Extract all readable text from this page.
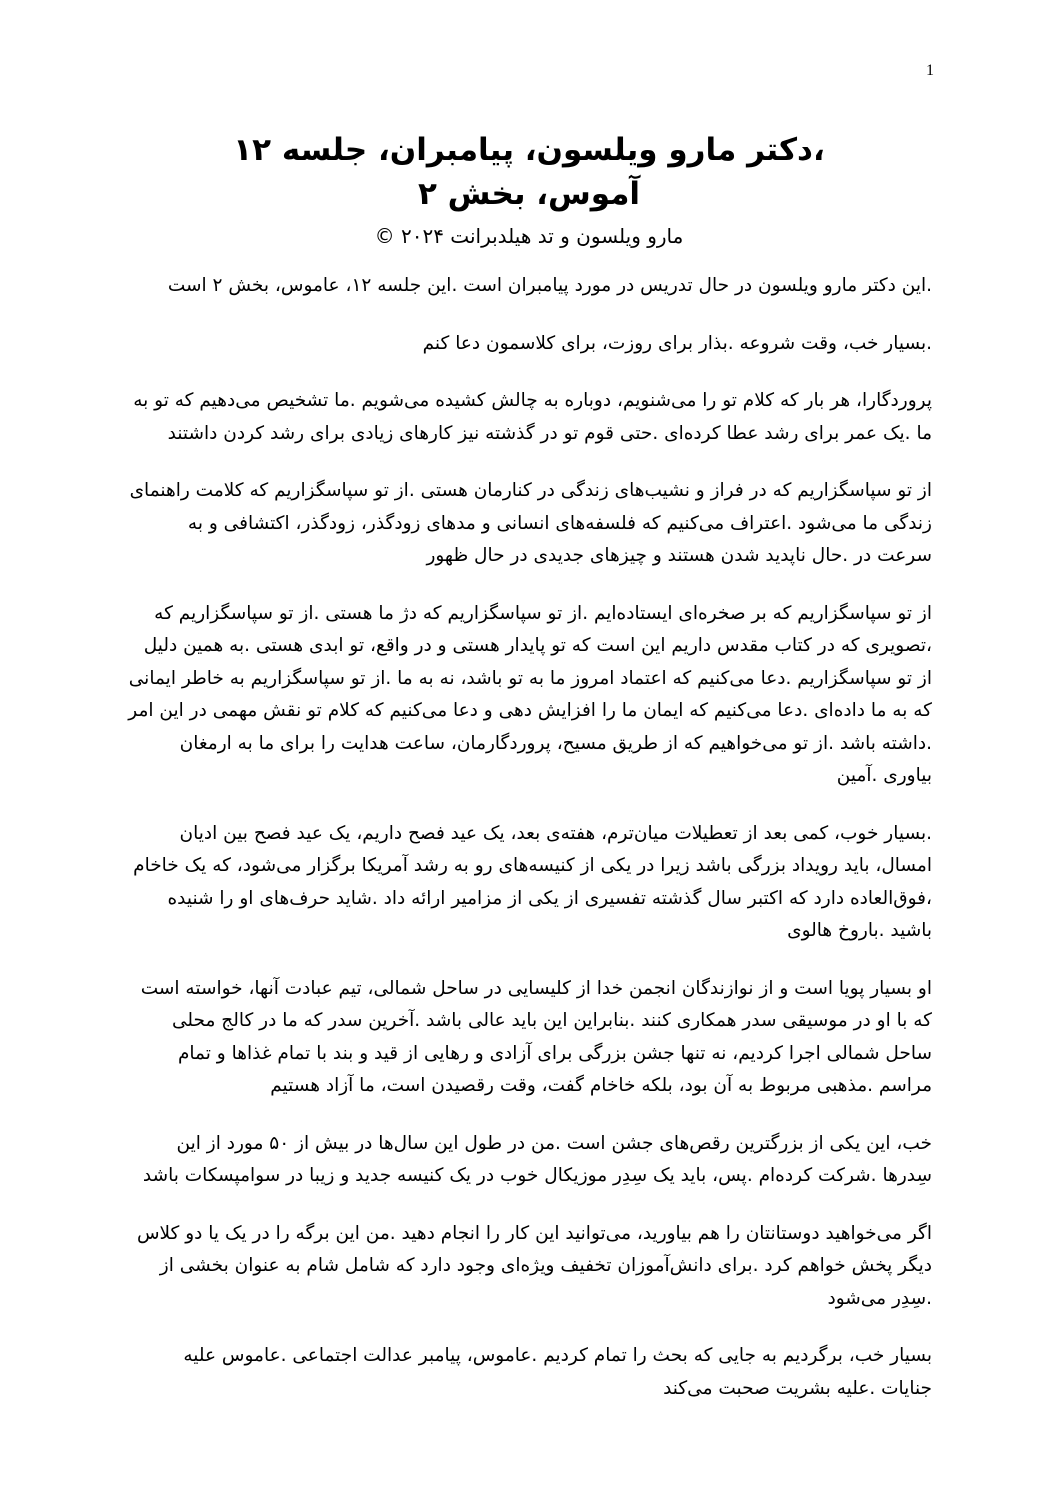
1
،دکتر مارو ویلسون، پیامبران، جلسه ۱۲
آموس، بخش ۲
مارو ویلسون و تد هیلدبرانت ۲۰۲۴ ©

.این دکتر مارو ویلسون در حال تدریس در مورد پیامبران است .این جلسه ۱۲، عاموس، بخش ۲ است

.بسیار خب، وقت شروعه .بذار برای روزت، برای کلاسمون دعا کنم

پروردگارا، هر بار که کلام تو را می‌شنویم، دوباره به چالش کشیده می‌شویم .ما تشخیص می‌دهیم که تو به ما .یک عمر برای رشد عطا کرده‌ای .حتی قوم تو در گذشته نیز کارهای زیادی برای رشد کردن داشتند

از تو سپاسگزاریم که در فراز و نشیب‌های زندگی در کنارمان هستی .از تو سپاسگزاریم که کلامت راهنمای زندگی ما می‌شود .اعتراف می‌کنیم که فلسفه‌های انسانی و مدهای زودگذر، زودگذر، اکتشافی و به سرعت در .حال ناپدید شدن هستند و چیزهای جدیدی در حال ظهور

از تو سپاسگزاریم که بر صخره‌ای ایستاده‌ایم .از تو سپاسگزاریم که دژ ما هستی .از تو سپاسگزاریم که ،تصویری که در کتاب مقدس داریم این است که تو پایدار هستی و در واقع، تو ابدی هستی .به همین دلیل از تو سپاسگزاریم .دعا می‌کنیم که اعتماد امروز ما به تو باشد، نه به ما .از تو سپاسگزاریم به خاطر ایمانی که به ما داده‌ای .دعا می‌کنیم که ایمان ما را افزایش دهی و دعا می‌کنیم که کلام تو نقش مهمی در این امر .داشته باشد .از تو می‌خواهیم که از طریق مسیح، پروردگارمان، ساعت هدایت را برای ما به ارمغان بیاوری .آمین

.بسیار خوب، کمی بعد از تعطیلات میان‌ترم، هفته‌ی بعد، یک عید فصح داریم، یک عید فصح بین ادیان امسال، باید رویداد بزرگی باشد زیرا در یکی از کنیسه‌های رو به رشد آمریکا برگزار می‌شود، که یک خاخام ،فوق‌العاده دارد که اکتبر سال گذشته تفسیری از یکی از مزامیر ارائه داد .شاید حرف‌های او را شنیده باشید .باروخ هالوی

او بسیار پویا است و از نوازندگان انجمن خدا از کلیسایی در ساحل شمالی، تیم عبادت آنها، خواسته است که با او در موسیقی سدر همکاری کنند .بنابراین این باید عالی باشد .آخرین سدر که ما در کالج محلی ساحل شمالی اجرا کردیم، نه تنها جشن بزرگی برای آزادی و رهایی از قید و بند با تمام غذاها و تمام مراسم .مذهبی مربوط به آن بود، بلکه خاخام گفت، وقت رقصیدن است، ما آزاد هستیم

خب، این یکی از بزرگترین رقص‌های جشن است .من در طول این سال‌ها در بیش از ۵۰ مورد از این سِدرها .شرکت کرده‌ام .پس، باید یک سِدِر موزیکال خوب در یک کنیسه جدید و زیبا در سوامپسکات باشد

اگر می‌خواهید دوستانتان را هم بیاورید، می‌توانید این کار را انجام دهید .من این برگه را در یک یا دو کلاس دیگر پخش خواهم کرد .برای دانش‌آموزان تخفیف ویژه‌ای وجود دارد که شامل شام به عنوان بخشی از .سِدِر می‌شود

بسیار خب، برگردیم به جایی که بحث را تمام کردیم .عاموس، پیامبر عدالت اجتماعی .عاموس علیه جنایات .علیه بشریت صحبت می‌کند
